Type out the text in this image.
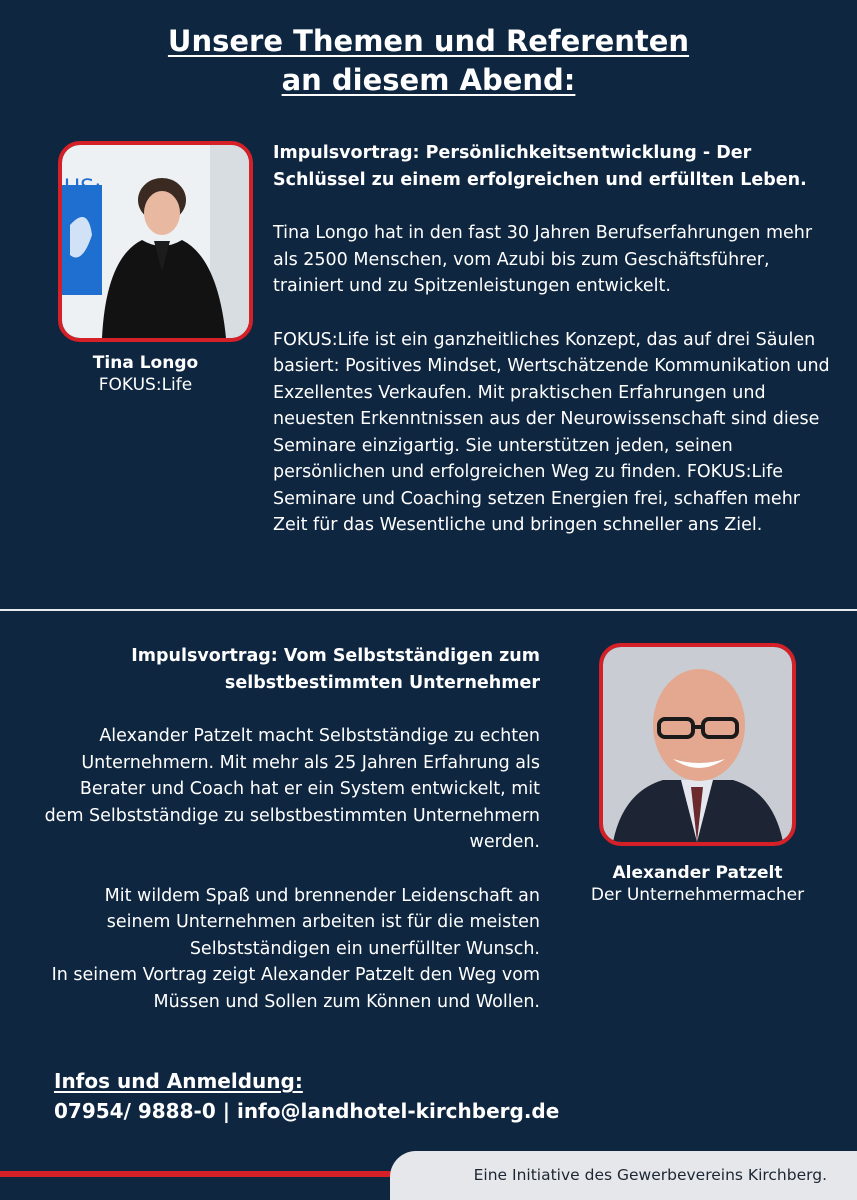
Unsere Themen und Referenten
an diesem Abend:
US:
Tina Longo
FOKUS:Life

Impulsvortrag: Persönlichkeitsentwicklung - Der Schlüssel zu einem erfolgreichen und erfüllten Leben.

Tina Longo hat in den fast 30 Jahren Berufserfahrungen mehr als 2500 Menschen, vom Azubi bis zum Geschäftsführer, trainiert und zu Spitzenleistungen entwickelt.

FOKUS:Life ist ein ganzheitliches Konzept, das auf drei Säulen basiert: Positives Mindset, Wertschätzende Kommunikation und Exzellentes Verkaufen. Mit praktischen Erfahrungen und neuesten Erkenntnissen aus der Neurowissenschaft sind diese Seminare einzigartig. Sie unterstützen jeden, seinen persönlichen und erfolgreichen Weg zu finden. FOKUS:Life Seminare und Coaching setzen Energien frei, schaffen mehr Zeit für das Wesentliche und bringen schneller ans Ziel.

Impulsvortrag: Vom Selbstständigen zum

selbstbestimmten Unternehmer

Alexander Patzelt macht Selbstständige zu echten Unternehmern. Mit mehr als 25 Jahren Erfahrung als Berater und Coach hat er ein System entwickelt, mit dem Selbstständige zu selbstbestimmten Unternehmern werden.

Mit wildem Spaß und brennender Leidenschaft an seinem Unternehmen arbeiten ist für die meisten Selbstständigen ein unerfüllter Wunsch.

In seinem Vortrag zeigt Alexander Patzelt den Weg vom Müssen und Sollen zum Können und Wollen.

Alexander Patzelt
Der Unternehmermacher
Infos und Anmeldung:
07954/ 9888-0 | info@landhotel-kirchberg.de
Eine Initiative des Gewerbevereins Kirchberg.
